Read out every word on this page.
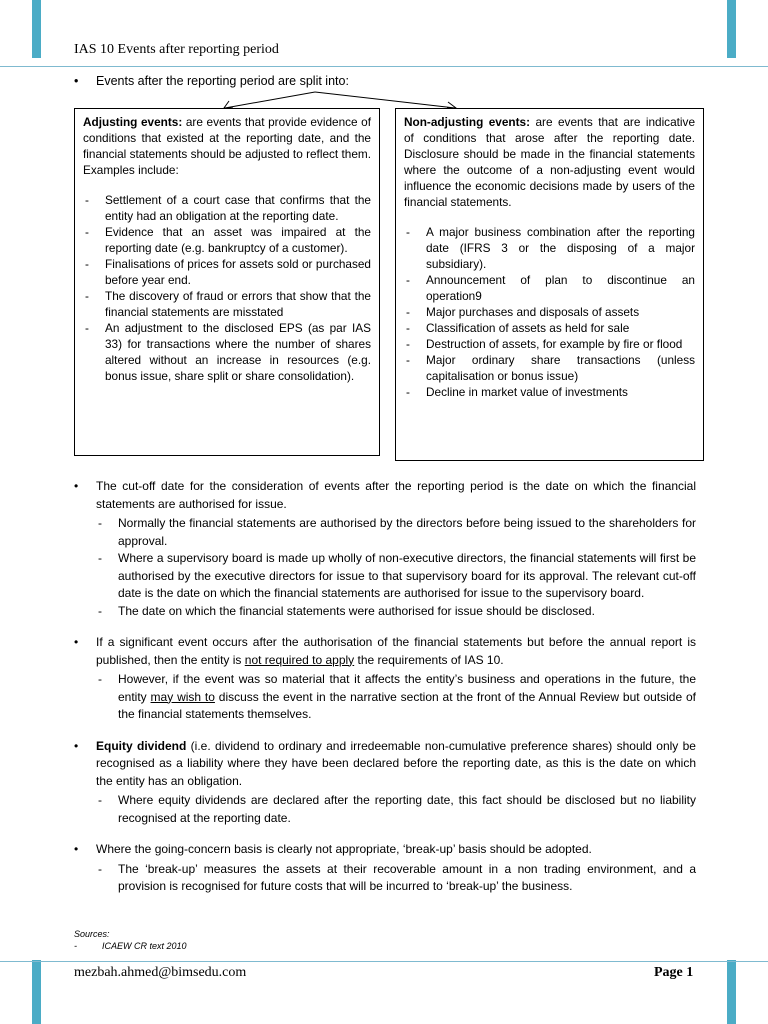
IAS 10 Events after reporting period
• Events after the reporting period are split into:

Adjusting events: are events that provide evidence of conditions that existed at the reporting date, and the financial statements should be adjusted to reflect them. Examples include:

- Settlement of a court case that confirms that the entity had an obligation at the reporting date.
- Evidence that an asset was impaired at the reporting date (e.g. bankruptcy of a customer).
- Finalisations of prices for assets sold or purchased before year end.
- The discovery of fraud or errors that show that the financial statements are misstated
- An adjustment to the disclosed EPS (as par IAS 33) for transactions where the number of shares altered without an increase in resources (e.g. bonus issue, share split or share consolidation).

Non-adjusting events: are events that are indicative of conditions that arose after the reporting date. Disclosure should be made in the financial statements where the outcome of a non-adjusting event would influence the economic decisions made by users of the financial statements.

- A major business combination after the reporting date (IFRS 3 or the disposing of a major subsidiary).
- Announcement of plan to discontinue an operation9
- Major purchases and disposals of assets
- Classification of assets as held for sale
- Destruction of assets, for example by fire or flood
- Major ordinary share transactions (unless capitalisation or bonus issue)
- Decline in market value of investments
• The cut-off date for the consideration of events after the reporting period is the date on which the financial statements are authorised for issue.
- Normally the financial statements are authorised by the directors before being issued to the shareholders for approval.
- Where a supervisory board is made up wholly of non-executive directors, the financial statements will first be authorised by the executive directors for issue to that supervisory board for its approval. The relevant cut-off date is the date on which the financial statements are authorised for issue to the supervisory board.
- The date on which the financial statements were authorised for issue should be disclosed.
• If a significant event occurs after the authorisation of the financial statements but before the annual report is published, then the entity is not required to apply the requirements of IAS 10.
- However, if the event was so material that it affects the entity’s business and operations in the future, the entity may wish to discuss the event in the narrative section at the front of the Annual Review but outside of the financial statements themselves.
• Equity dividend (i.e. dividend to ordinary and irredeemable non-cumulative preference shares) should only be recognised as a liability where they have been declared before the reporting date, as this is the date on which the entity has an obligation.
- Where equity dividends are declared after the reporting date, this fact should be disclosed but no liability recognised at the reporting date.
• Where the going-concern basis is clearly not appropriate, ‘break-up’ basis should be adopted.
- The ‘break-up’ measures the assets at their recoverable amount in a non trading environment, and a provision is recognised for future costs that will be incurred to ‘break-up’ the business.
Sources:
- ICAEW CR text 2010
mezbah.ahmed@bimsedu.com	Page 1
